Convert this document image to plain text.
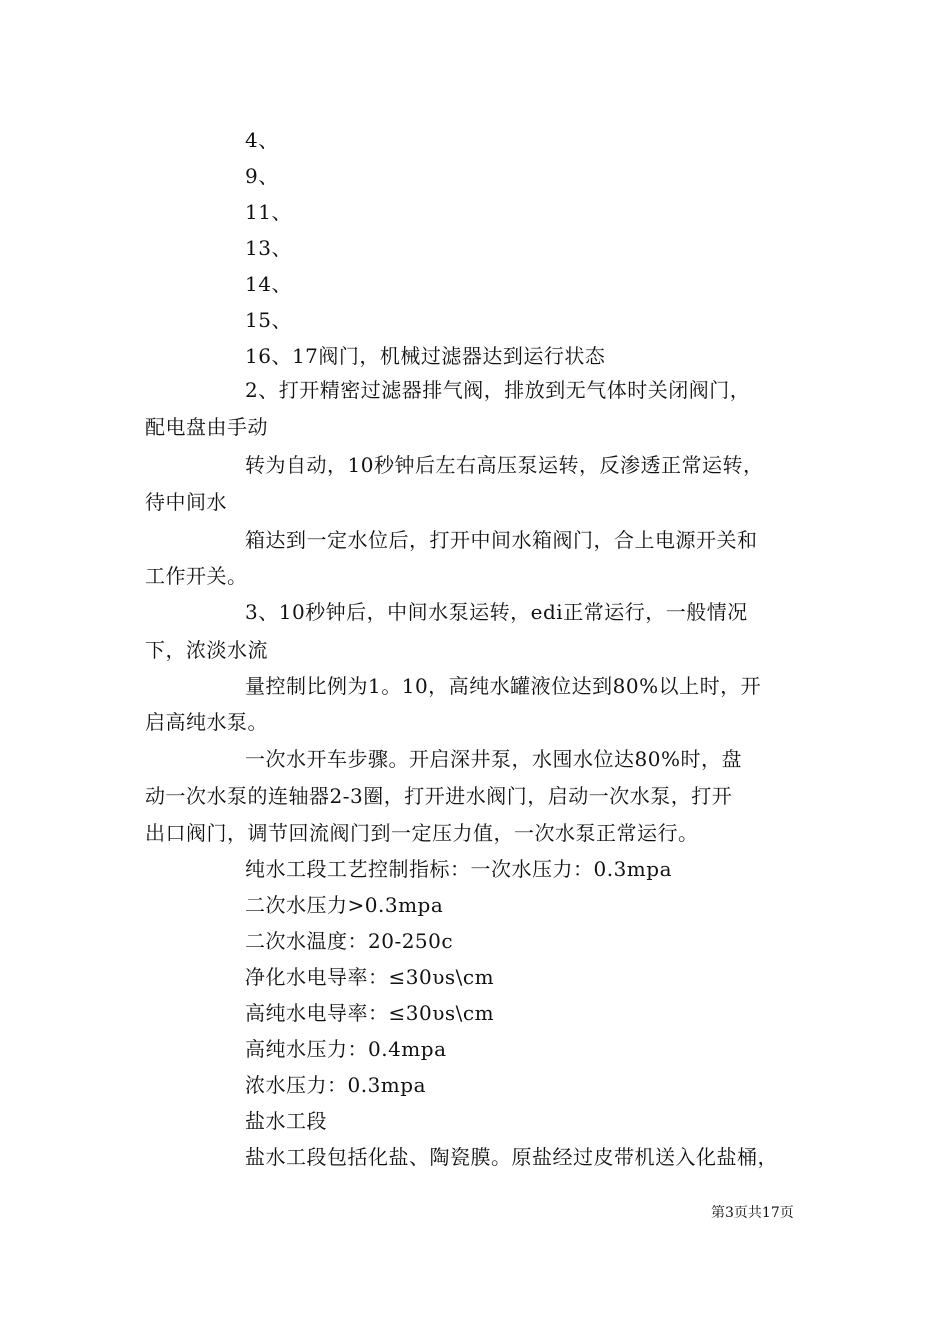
4、
9、
11、
13、
14、
15、
16、17阀门，机械过滤器达到运行状态
2、打开精密过滤器排气阀，排放到无气体时关闭阀门，
配电盘由手动
转为自动，10秒钟后左右高压泵运转，反渗透正常运转，
待中间水
箱达到一定水位后，打开中间水箱阀门，合上电源开关和
工作开关。
3、10秒钟后，中间水泵运转，edi正常运行，一般情况
下，浓淡水流
量控制比例为1。10，高纯水罐液位达到80%以上时，开
启高纯水泵。
一次水开车步骤。开启深井泵，水囤水位达80%时，盘
动一次水泵的连轴器2-3圈，打开进水阀门，启动一次水泵，打开
出口阀门，调节回流阀门到一定压力值，一次水泵正常运行。
纯水工段工艺控制指标：一次水压力：0.3mpa
二次水压力>0.3mpa
二次水温度：20-250c
净化水电导率：≤30υs\cm
高纯水电导率：≤30υs\cm
高纯水压力：0.4mpa
浓水压力：0.3mpa
盐水工段
盐水工段包括化盐、陶瓷膜。原盐经过皮带机送入化盐桶，
第3页共17页
